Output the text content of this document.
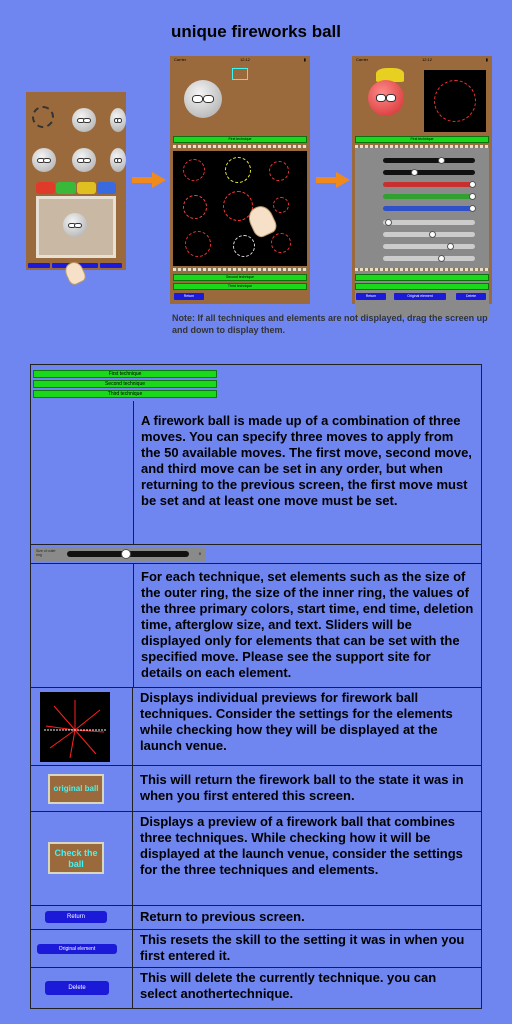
unique fireworks ball
Carrier	12:12	▮
First technique
Second technique
Third technique
Return
Carrier	12:12	▮
First technique
Return	Original element	Delete
Note: If all techniques and elements are not displayed, drag the screen up and down to display them.
First technique
Second technique
Third technique
A firework ball is made up of a combination of three moves. You can specify three moves to apply from the 50 available moves. The first move, second move, and third move can be set in any order, but when returning to the previous screen, the first move must be set and at least one move must be set.
Size of outer ring	0
For each technique, set elements such as the size of the outer ring, the size of the inner ring, the values of the three primary colors, start time, end time, deletion time, afterglow size, and text. Sliders will be displayed only for elements that can be set with the specified move. Please see the support site for details on each element.
Displays individual previews for firework ball techniques. Consider the settings for the elements while checking how they will be displayed at the launch venue.
original ball
This will return the firework ball to the state it was in when you first entered this screen.
Check the ball
Displays a preview of a firework ball that combines three techniques. While checking how it will be displayed at the launch venue, consider the settings for the three techniques and elements.
Return	Return to previous screen.
Original element
This resets the skill to the setting it was in when you first entered it.
Delete
This will delete the currently technique. you can select anothertechnique.
